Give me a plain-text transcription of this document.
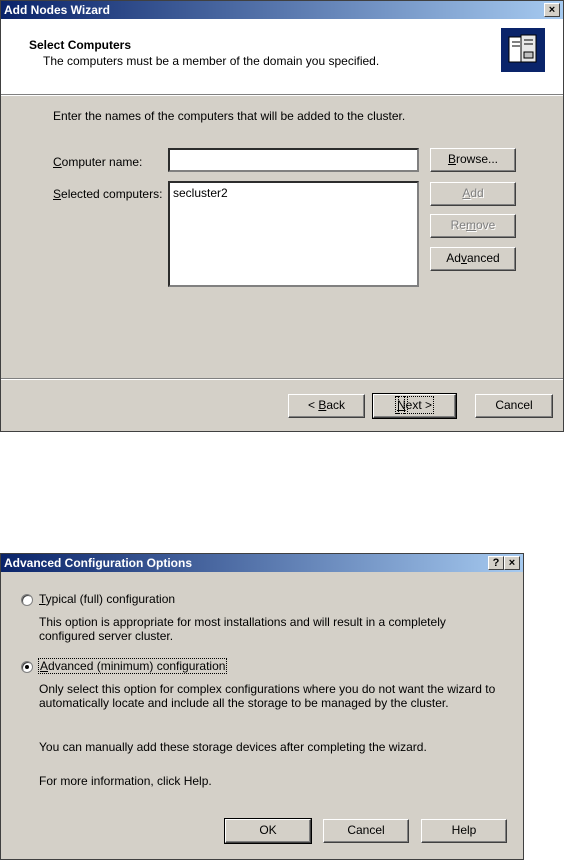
Add Nodes Wizard	×
Select Computers
The computers must be a member of the domain you specified.
Enter the names of the computers that will be added to the cluster.
Computer name:	Browse...
Selected computers: secluster2	Add
Remove
Advanced
< Back	Next >	Cancel
Advanced Configuration Options	? ×
Typical (full) configuration
This option is appropriate for most installations and will result in a completely configured server cluster.
Advanced (minimum) configuration
Only select this option for complex configurations where you do not want the wizard to automatically locate and include all the storage to be managed by the cluster.
You can manually add these storage devices after completing the wizard.
For more information, click Help.
OK	Cancel	Help
